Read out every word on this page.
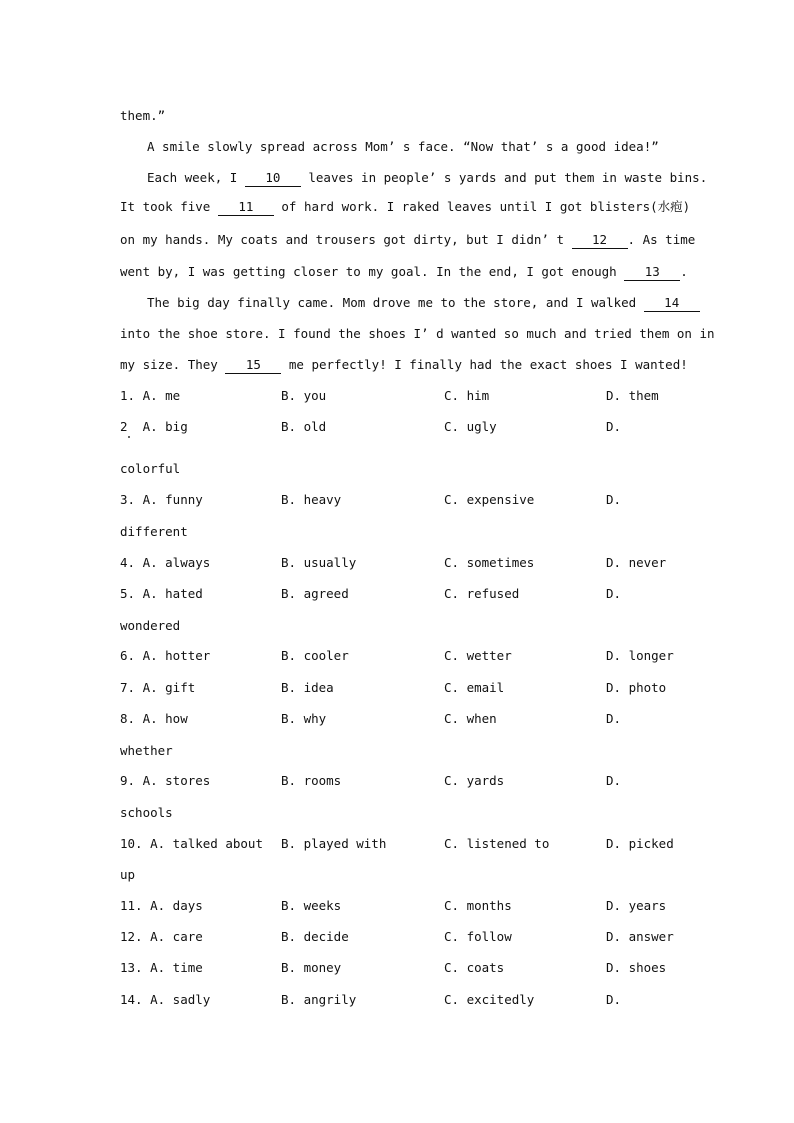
them.”
A smile slowly spread across Mom’ s face. “Now that’ s a good idea!”
Each week, I 10 leaves in people’ s yards and put them in waste bins.
It took five 11 of hard work. I raked leaves until I got blisters(水疱)
on my hands. My coats and trousers got dirty, but I didn’ t 12 . As time
went by, I was getting closer to my goal. In the end, I got enough 13 .
The big day finally came. Mom drove me to the store, and I walked 14
into the shoe store. I found the shoes I’ d wanted so much and tried them on in
my size. They 15 me perfectly! I finally had the exact shoes I wanted!
1. A. me	B. you	C. him	D. them
2  A. big	B. old	C. ugly	D.
colorful
3. A. funny	B. heavy	C. expensive	D.
different
4. A. always	B. usually	C. sometimes	D. never
5. A. hated	B. agreed	C. refused	D.
wondered
6. A. hotter	B. cooler	C. wetter	D. longer
7. A. gift	B. idea	C. email	D. photo
8. A. how	B. why	C. when	D.
whether
9. A. stores	B. rooms	C. yards	D.
schools
10. A. talked about B. played with	C. listened to	D. picked
up
11. A. days	B. weeks	C. months	D. years
12. A. care	B. decide	C. follow	D. answer
13. A. time	B. money	C. coats	D. shoes
14. A. sadly	B. angrily	C. excitedly	D.
